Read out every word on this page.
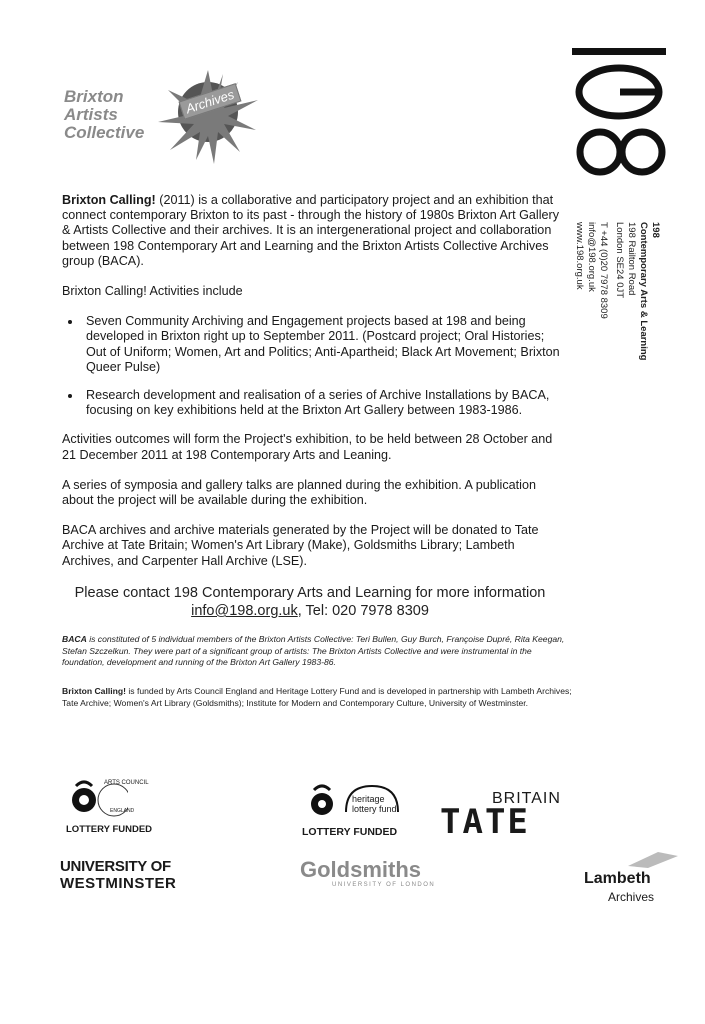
Brixton
Artists
Collective
Archives
198
Contemporary Arts & Learning
198 Railton Road
London SE24 0JT
T +44 (0)20 7978 8309
info@198.org.uk
www.198.org.uk

Brixton Calling! (2011) is a collaborative and participatory project and an exhibition that connect contemporary Brixton to its past - through the history of 1980s Brixton Art Gallery & Artists Collective and their archives. It is an intergenerational project and collaboration between 198 Contemporary Art and Learning and the Brixton Artists Collective Archives group (BACA).

Brixton Calling! Activities include

• Seven Community Archiving and Engagement projects based at 198 and being developed in Brixton right up to September 2011. (Postcard project; Oral Histories; Out of Uniform; Women, Art and Politics; Anti-Apartheid; Black Art Movement; Brixton Queer Pulse)
• Research development and realisation of a series of Archive Installations by BACA, focusing on key exhibitions held at the Brixton Art Gallery between 1983-1986.

Activities outcomes will form the Project's exhibition, to be held between 28 October and 21 December 2011 at 198 Contemporary Arts and Leaning.

A series of symposia and gallery talks are planned during the exhibition. A publication about the project will be available during the exhibition.

BACA archives and archive materials generated by the Project will be donated to Tate Archive at Tate Britain; Women's Art Library (Make), Goldsmiths Library; Lambeth Archives, and Carpenter Hall Archive (LSE).

Please contact 198 Contemporary Arts and Learning for more information
info@198.org.uk, Tel: 020 7978 8309
BACA is constituted of 5 individual members of the Brixton Artists Collective: Teri Bullen, Guy Burch, Françoise Dupré, Rita Keegan, Stefan Szczelkun. They were part of a significant group of artists: The Brixton Artists Collective and were instrumental in the foundation, development and running of the Brixton Art Gallery 1983-86.
Brixton Calling! is funded by Arts Council England and Heritage Lottery Fund and is developed in partnership with Lambeth Archives; Tate Archive; Women's Art Library (Goldsmiths); Institute for Modern and Contemporary Culture, University of Westminster.
ARTS COUNCIL
ENGLAND
LOTTERY FUNDED
heritage
lottery fund
LOTTERY FUNDED
BRITAIN
TATE
UNIVERSITY OF
WESTMINSTER
Goldsmiths
UNIVERSITY OF LONDON	Lambeth
Archives
